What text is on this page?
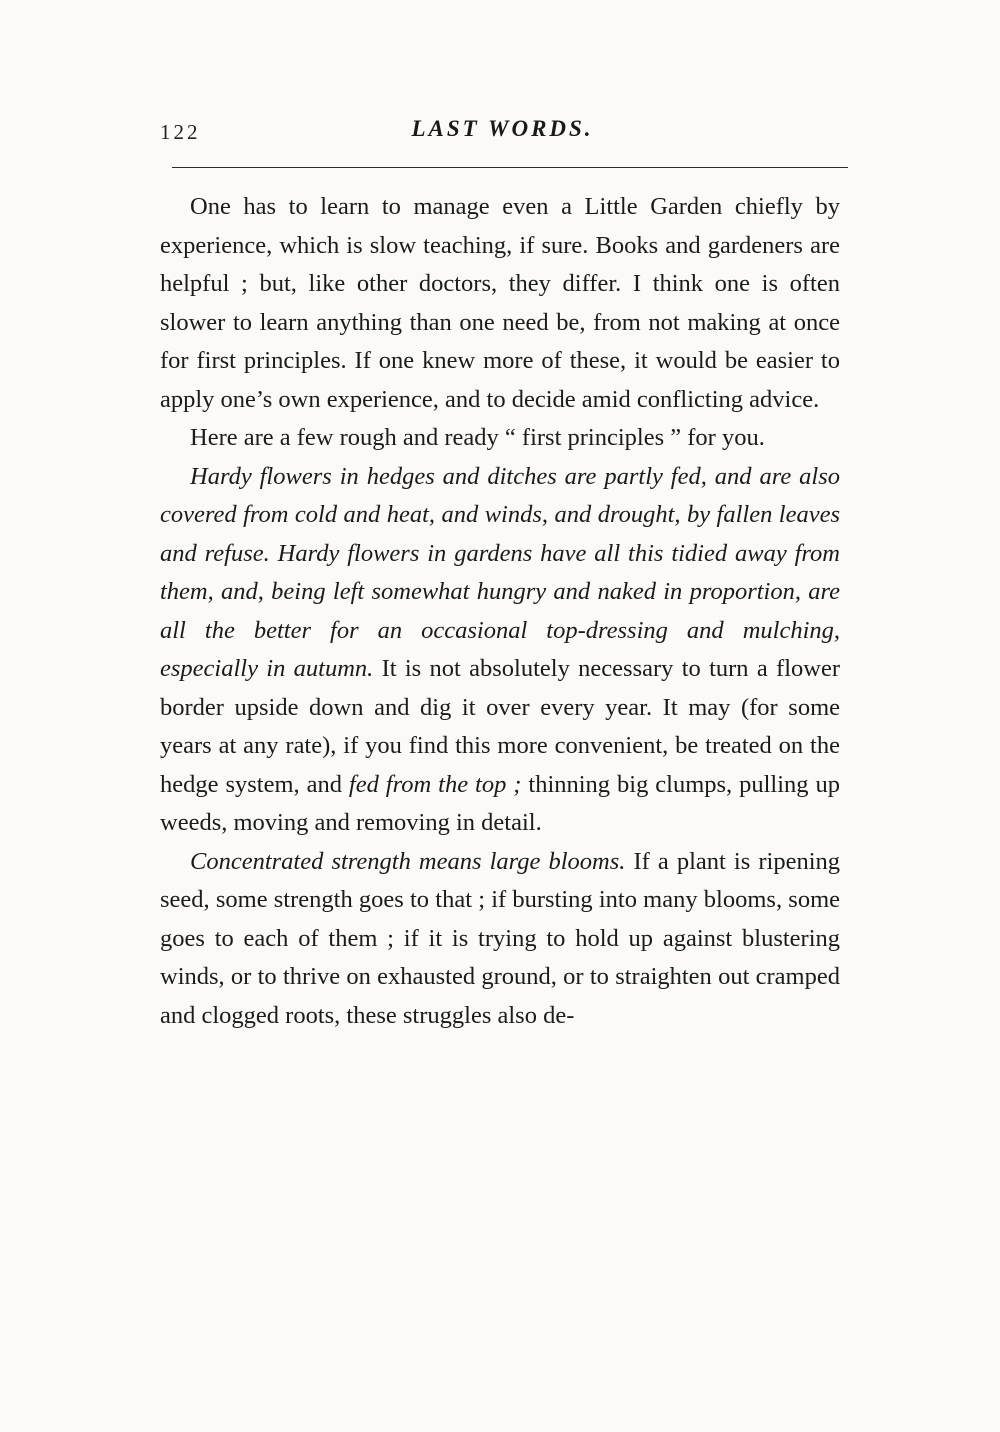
122	LAST WORDS.

One has to learn to manage even a Little Garden chiefly by experience, which is slow teaching, if sure. Books and gardeners are helpful ; but, like other doctors, they differ. I think one is often slower to learn anything than one need be, from not making at once for first principles. If one knew more of these, it would be easier to apply one’s own experience, and to decide amid conflicting advice.

Here are a few rough and ready “ first principles ” for you.

Hardy flowers in hedges and ditches are partly fed, and are also covered from cold and heat, and winds, and drought, by fallen leaves and refuse. Hardy flowers in gardens have all this tidied away from them, and, being left somewhat hungry and naked in proportion, are all the better for an occasional top-dressing and mulching, especially in autumn. It is not absolutely necessary to turn a flower border upside down and dig it over every year. It may (for some years at any rate), if you find this more convenient, be treated on the hedge system, and fed from the top ; thinning big clumps, pulling up weeds, moving and removing in detail.

Concentrated strength means large blooms. If a plant is ripening seed, some strength goes to that ; if bursting into many blooms, some goes to each of them ; if it is trying to hold up against blustering winds, or to thrive on exhausted ground, or to straighten out cramped and clogged roots, these struggles also de-
